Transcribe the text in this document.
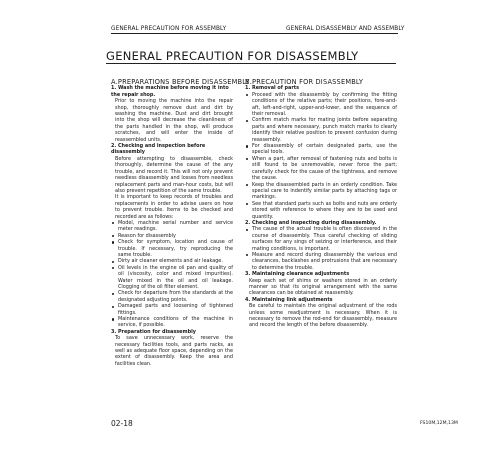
GENERAL PRECAUTION FOR ASSEMBLY	GENERAL DISASSEMBLY AND ASSEMBLY
GENERAL PRECAUTION FOR DISASSEMBLY

A.PREPARATIONS BEFORE DISASSEMBLY

1. Wash the machine before moving it into the repair shop.

Prior to moving the machine into the repair shop, thoroughly remove dust and dirt by washing the machine. Dust and dirt brought into the shop will decrease the cleanliness of the parts handled in the shop, will produce scratches, and will enter the inside of reassembled units.

2. Checking and inspection before disassembly

Before attempting to disassemble, check thoroughly, determine the cause of the any trouble, and record it. This will not only prevent needless disassembly and losses from needless replacement parts and man-hour costs, but will also prevent repetition of the same trouble.

It is important to keep records of troubles and replacements in order to advise users on how to prevent trouble. Items to be checked and recorded are as follows:

Model, machine serial number and service meter readings.
Reason for disassembly
Check for symptom, location and cause of trouble. If necessary, try reproducing the same trouble.
Dirty air cleaner elements and air leakage.
Oil levels in the engine oil pan and quality of oil (viscosity, color and mixed impurities). Water mixed in the oil and oil leakage. Clogging of the oil filter element.
Check for departure from the standards at the designated adjusting points.
Damaged parts and loosening of tightened fittings.
Maintenance conditions of the machine in service, if possible.

3. Preparation for disassembly

To save unnecessary work, reserve the necessary facilities tools, and parts racks, as well as adequate floor space, depending on the extent of disassembly. Keep the area and facilities clean.

B.PRECAUTION FOR DISASSEMBLY

1. Removal of parts

Proceed with the disassembly by confirming the fitting conditions of the relative parts; their positions, fore-and-aft, left-and-right, upper-and-lower, and the sequence of their removal.
Confirm match marks for mating joints before separating parts and where necessary, punch match marks to clearly identify their relative position to prevent confusion during reassembly.
For disassembly of certain designated parts, use the special tools.
When a part, after removal of fastening nuts and bolts is still found to be unremovable, never force the part; carefully check for the cause of the tightness, and remove the cause.
Keep the disassembled parts in an orderly condition. Take special care to indentify similar parts by attaching tags or markings.
See that standard parts such as bolts and nuts are orderly stored with reference to where they are to be used and quantity.

2. Checking and inspecting during disassembly.

The cause of the actual trouble is often discovered in the course of disassembly. Thus careful checking of sliding surfaces for any sings of seizing or interference, and their mating conditions, is important.
Measure and record during disassembly the various end clearances, backlashes and protrusions that are necessary to determine the trouble.

3. Maintaining clearance adjustments

Keep each set of shims or washers stored in an orderly manner so that its original arrangement with the same clearances can be obtained at reassembly.

4. Maintaining link adjustments

Be careful to maintain the original adjustment of the rods unless some readjustment is necessary. When it is necessary to remove the rod-end for disassembly, measure and record the length of the before disassembly.

02-18	FS10M,12M,13M
